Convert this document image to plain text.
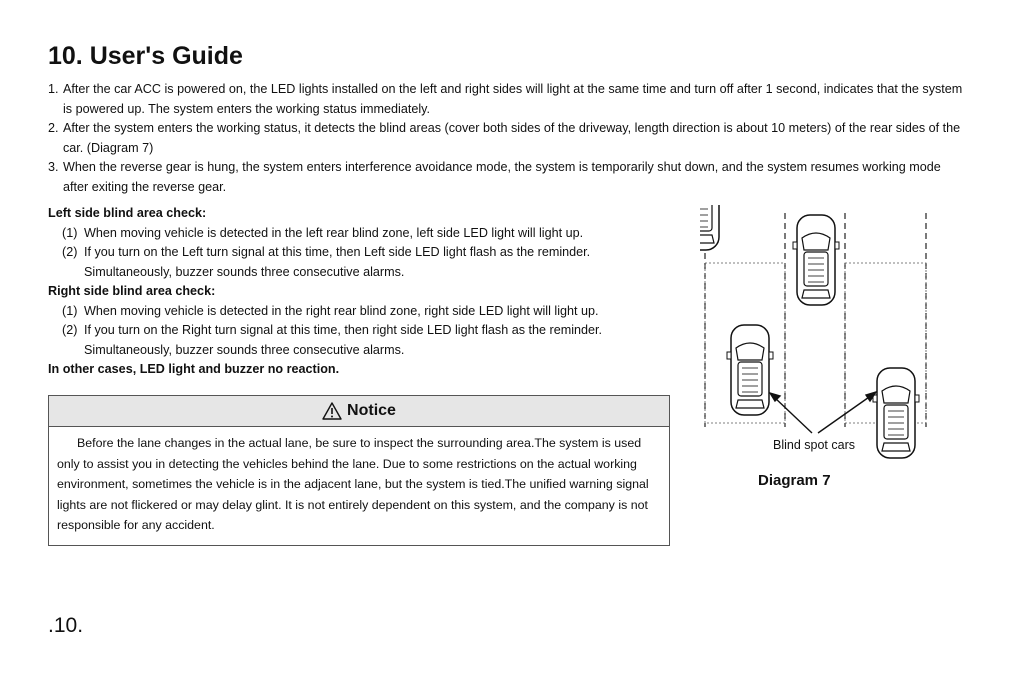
10. User's Guide
1. After the car ACC is powered on, the LED lights installed on the left and right sides will light at the same time and turn off after 1 second, indicates that the system is powered up. The system enters the working status immediately.
2. After the system enters the working status, it detects the blind areas (cover both sides of the driveway, length direction is about 10 meters) of the rear sides of the car. (Diagram 7)
3. When the reverse gear is hung, the system enters interference avoidance mode, the system is temporarily shut down, and the system resumes working mode after exiting the reverse gear.
Left side blind area check:
(1) When moving vehicle is detected in the left rear blind zone, left side LED light will light up.
(2) If you turn on the Left turn signal at this time, then Left side LED light flash as the reminder.
Simultaneously, buzzer sounds three consecutive alarms.
Right side blind area check:
(1) When moving vehicle is detected in the right rear blind zone, right side LED light will light up.
(2) If you turn on the Right turn signal at this time, then right side LED light flash as the reminder.
Simultaneously, buzzer sounds three consecutive alarms.
In other cases, LED light and buzzer no reaction.
Notice
Before the lane changes in the actual lane, be sure to inspect the surrounding area.The system is used only to assist you in detecting the vehicles behind the lane. Due to some restrictions on the actual working environment, sometimes the vehicle is in the adjacent lane, but the system is tied.The unified warning signal lights are not flickered or may delay glint. It is not entirely dependent on this system, and the company is not responsible for any accident.
Blind spot cars
Diagram 7
.10.
